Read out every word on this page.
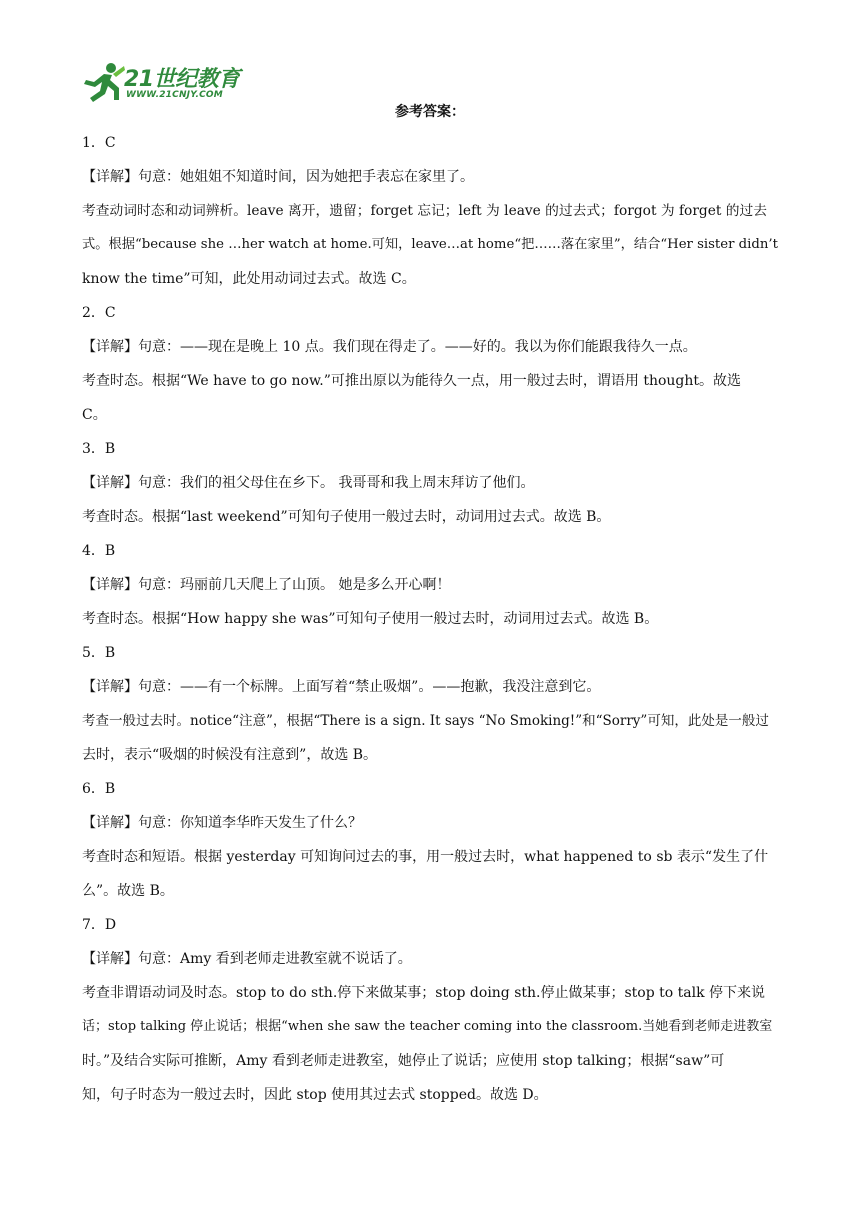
21世纪教育
WWW.21CNJY.COM
参考答案：
1．C
【详解】句意：她姐姐不知道时间，因为她把手表忘在家里了。
考查动词时态和动词辨析。leave 离开，遗留；forget 忘记；left 为 leave 的过去式；forgot 为 forget 的过去
式。根据“because she …her watch at home.可知，leave…at home“把……落在家里”，结合“Her sister didn’t
know the time”可知，此处用动词过去式。故选 C。
2．C
【详解】句意：——现在是晚上 10 点。我们现在得走了。——好的。我以为你们能跟我待久一点。
考查时态。根据“We have to go now.”可推出原以为能待久一点，用一般过去时，谓语用 thought。故选
C。
3．B
【详解】句意：我们的祖父母住在乡下。 我哥哥和我上周末拜访了他们。
考查时态。根据“last weekend”可知句子使用一般过去时，动词用过去式。故选 B。
4．B
【详解】句意：玛丽前几天爬上了山顶。 她是多么开心啊！
考查时态。根据“How happy she was”可知句子使用一般过去时，动词用过去式。故选 B。
5．B
【详解】句意：——有一个标牌。上面写着“禁止吸烟”。——抱歉，我没注意到它。
考查一般过去时。notice“注意”，根据“There is a sign. It says “No Smoking!”和“Sorry”可知，此处是一般过
去时，表示“吸烟的时候没有注意到”，故选 B。
6．B
【详解】句意：你知道李华昨天发生了什么？
考查时态和短语。根据 yesterday 可知询问过去的事，用一般过去时，what happened to sb 表示“发生了什
么”。故选 B。
7．D
【详解】句意：Amy 看到老师走进教室就不说话了。
考查非谓语动词及时态。stop to do sth.停下来做某事；stop doing sth.停止做某事；stop to talk 停下来说
话；stop talking 停止说话；根据“when she saw the teacher coming into the classroom.当她看到老师走进教室
时。”及结合实际可推断，Amy 看到老师走进教室，她停止了说话；应使用 stop talking；根据“saw”可
知，句子时态为一般过去时，因此 stop 使用其过去式 stopped。故选 D。
